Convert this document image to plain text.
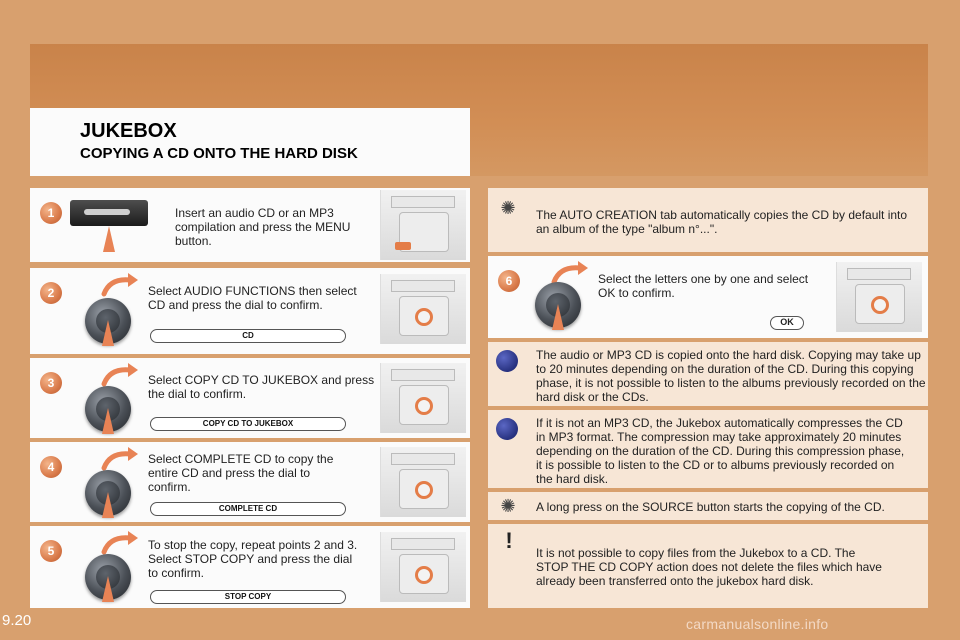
JUKEBOX
COPYING A CD ONTO THE HARD DISK
1	Insert an audio CD or an MP3 compilation and press the MENU button.
2	Select AUDIO FUNCTIONS then select CD and press the dial to confirm.
CD
3	Select COPY CD TO JUKEBOX and press the dial to confirm.
COPY CD TO JUKEBOX
4
Select COMPLETE CD to copy the entire CD and press the dial to confirm.
COMPLETE CD
5	To stop the copy, repeat points 2 and 3. Select STOP COPY and press the dial to confirm.
STOP COPY
✺ The AUTO CREATION tab automatically copies the CD by default into an album of the type "album n°...".
6	Select the letters one by one and select OK to confirm.
OK
The audio or MP3 CD is copied onto the hard disk. Copying may take up to 20 minutes depending on the duration of the CD. During this copying phase, it is not possible to listen to the albums previously recorded on the hard disk or the CDs.
If it is not an MP3 CD, the Jukebox automatically compresses the CD in MP3 format. The compression may take approximately 20 minutes depending on the duration of the CD. During this compression phase, it is possible to listen to the CD or to albums previously recorded on the hard disk.
✺ A long press on the SOURCE button starts the copying of the CD.
!	It is not possible to copy files from the Jukebox to a CD. The STOP THE CD COPY action does not delete the files which have already been transferred onto the jukebox hard disk.
9.20	carmanualsonline.info
